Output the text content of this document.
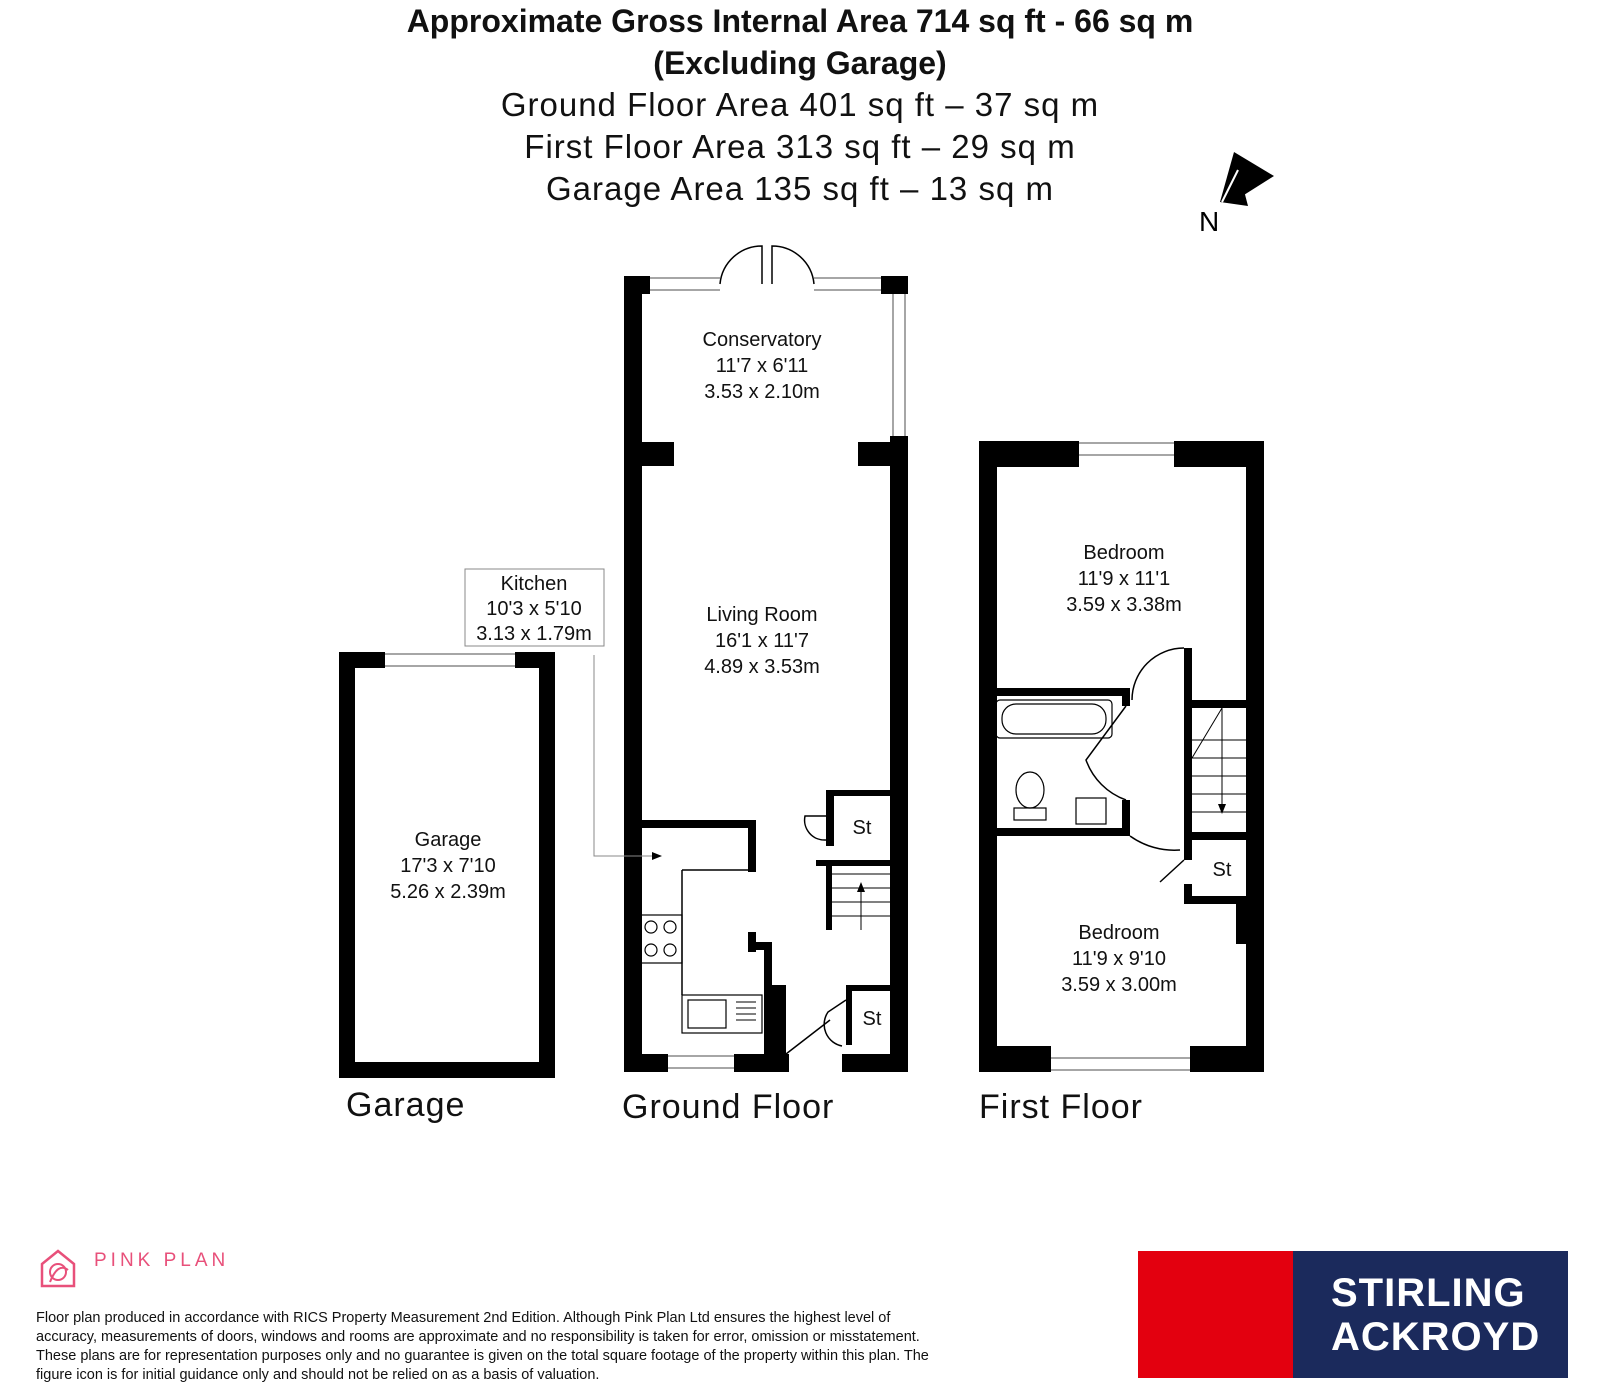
Approximate Gross Internal Area 714 sq ft - 66 sq m
(Excluding Garage)
Ground Floor Area 401 sq ft – 37 sq m
First Floor Area 313 sq ft – 29 sq m
Garage Area 135 sq ft – 13 sq m
N
Garage
17'3 x 7'10
5.26 x 2.39m
Conservatory
11'7 x 6'11
3.53 x 2.10m
Living Room
16'1 x 11'7
4.89 x 3.53m
Kitchen
10'3 x 5'10
3.13 x 1.79m
St
St
Bedroom
11'9 x 11'1
3.59 x 3.38m
Bedroom
11'9 x 9'10
3.59 x 3.00m
St
Garage	Ground Floor	First Floor
PINK PLAN
Floor plan produced in accordance with RICS Property Measurement 2nd Edition. Although Pink Plan Ltd ensures the highest level of accuracy, measurements of doors, windows and rooms are approximate and no responsibility is taken for error, omission or misstatement. These plans are for representation purposes only and no guarantee is given on the total square footage of the property within this plan. The figure icon is for initial guidance only and should not be relied on as a basis of valuation.
STIRLING
ACKROYD
